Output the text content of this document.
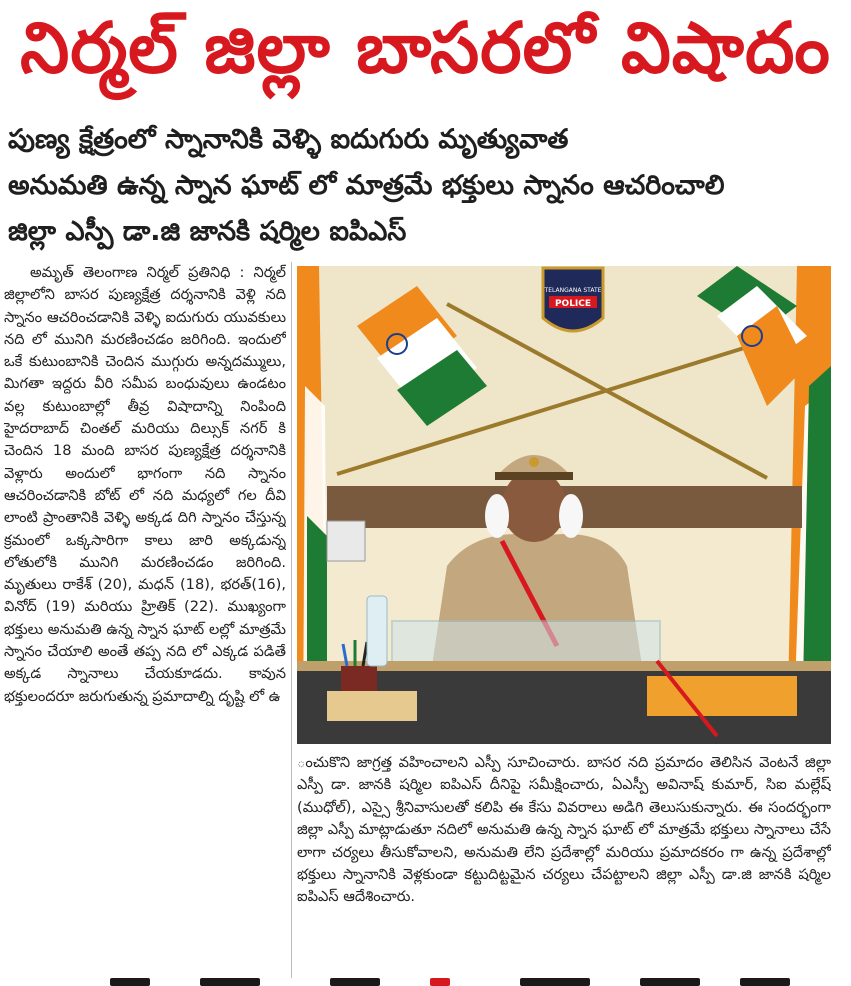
నిర్మల్ జిల్లా బాసరలో విషాదం
పుణ్య క్షేత్రంలో స్నానానికి వెళ్ళి ఐదుగురు మృత్యువాత
అనుమతి ఉన్న స్నాన ఘాట్ లో మాత్రమే భక్తులు స్నానం ఆచరించాలి
జిల్లా ఎస్పీ డా.జి జానకి షర్మిల ఐపిఎస్

అమృత్ తెలంగాణ నిర్మల్ ప్రతినిధి : నిర్మల్ జిల్లాలోని బాసర పుణ్యక్షేత్ర దర్శనానికి వెళ్లి నది స్నానం ఆచరించడానికి వెళ్ళి ఐదుగురు యువకులు నది లో మునిగి మరణించడం జరిగింది. ఇందులో ఒకే కుటుంబానికి చెందిన ముగ్గురు అన్నదమ్ములు, మిగతా ఇద్దరు వీరి సమీప బంధువులు ఉండటం వల్ల కుటుంబాల్లో తీవ్ర విషాదాన్ని నింపింది హైదరాబాద్ చింతల్ మరియు దిల్సుక్ నగర్ కి చెందిన 18 మంది బాసర పుణ్యక్షేత్ర దర్శనానికి వెళ్లారు అందులో భాగంగా నది స్నానం ఆచరించడానికి బోట్ లో నది మధ్యలో గల దీవి లాంటి ప్రాంతానికి వెళ్ళి అక్కడ దిగి స్నానం చేస్తున్న క్రమంలో ఒక్కసారిగా కాలు జారి అక్కడున్న లోతులోకి మునిగి మరణించడం జరిగింది. మృతులు రాకేశ్ (20), మధన్ (18), భరత్(16), వినోద్ (19) మరియు హ్రితిక్ (22). ముఖ్యంగా భక్తులు అనుమతి ఉన్న స్నాన ఘాట్ లల్లో మాత్రమే స్నానం చేయాలి అంతే తప్ప నది లో ఎక్కడ పడితే అక్కడ స్నానాలు చేయకూడదు. కావున భక్తులందరూ జరుగుతున్న ప్రమాదాల్ని దృష్టి లో ఉ

TELANGANA STATE
POLICE

ంచుకొని జాగ్రత్త వహించాలని ఎస్పీ సూచించారు. బాసర నది ప్రమాదం తెలిసిన వెంటనే జిల్లా ఎస్పీ డా. జానకి షర్మిల ఐపిఎస్ దీనిపై సమీక్షించారు, ఏఎస్పీ అవినాష్ కుమార్, సిఐ మల్లేష్ (ముధోల్), ఎస్సై శ్రీనివాసులతో కలిపి ఈ కేసు వివరాలు అడిగి తెలుసుకున్నారు. ఈ సందర్భంగా జిల్లా ఎస్పీ మాట్లాడుతూ నదిలో అనుమతి ఉన్న స్నాన ఘాట్ లో మాత్రమే భక్తులు స్నానాలు చేసే లాగా చర్యలు తీసుకోవాలని, అనుమతి లేని ప్రదేశాల్లో మరియు ప్రమాదకరం గా ఉన్న ప్రదేశాల్లో భక్తులు స్నానానికి వెళ్లకుండా కట్టుదిట్టమైన చర్యలు చేపట్టాలని జిల్లా ఎస్పీ డా.జి జానకి షర్మిల ఐపిఎస్ ఆదేశించారు.
